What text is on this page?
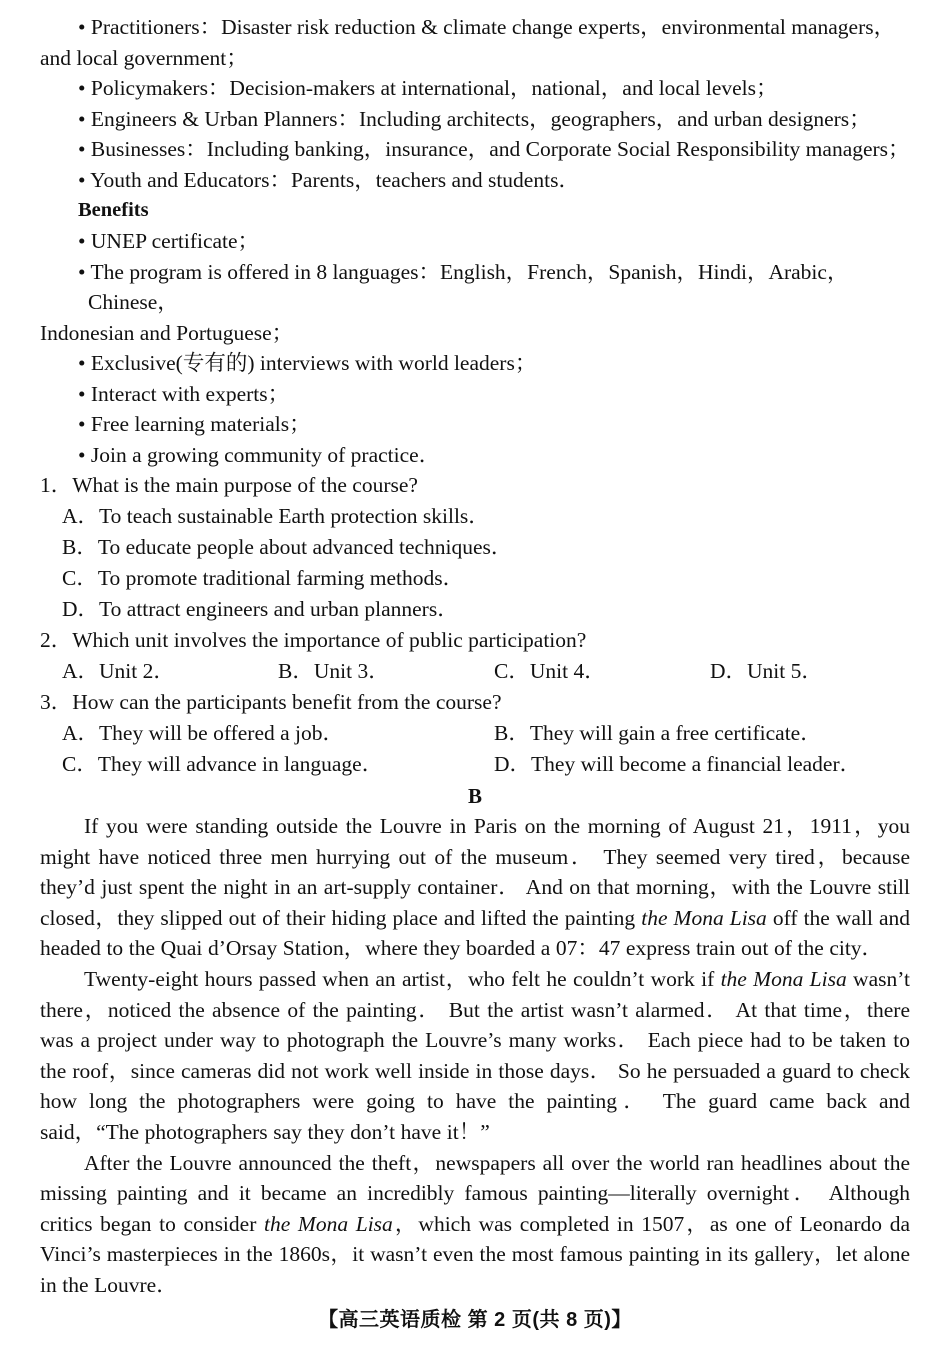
• Practitioners：Disaster risk reduction & climate change experts，environmental managers，
and local government；
• Policymakers：Decision-makers at international，national，and local levels；
• Engineers & Urban Planners：Including architects，geographers，and urban designers；
• Businesses：Including banking，insurance，and Corporate Social Responsibility managers；
• Youth and Educators：Parents，teachers and students．
Benefits
• UNEP certificate；
• The program is offered in 8 languages：English，French，Spanish，Hindi，Arabic，Chinese，
Indonesian and Portuguese；
• Exclusive(专有的) interviews with world leaders；
• Interact with experts；
• Free learning materials；
• Join a growing community of practice．
1．What is the main purpose of the course?
A．To teach sustainable Earth protection skills．
B．To educate people about advanced techniques．
C．To promote traditional farming methods．
D．To attract engineers and urban planners．
2．Which unit involves the importance of public participation?
A．Unit 2．	B．Unit 3．	C．Unit 4．	D．Unit 5．
3．How can the participants benefit from the course?
A．They will be offered a job．	B．They will gain a free certificate．
C．They will advance in language．	D．They will become a financial leader．
B

If you were standing outside the Louvre in Paris on the morning of August 21，1911，you might have noticed three men hurrying out of the museum． They seemed very tired，because they’d just spent the night in an art-supply container． And on that morning，with the Louvre still closed，they slipped out of their hiding place and lifted the painting the Mona Lisa off the wall and headed to the Quai d’Orsay Station，where they boarded a 07：47 express train out of the city．

Twenty-eight hours passed when an artist，who felt he couldn’t work if the Mona Lisa wasn’t there，noticed the absence of the painting． But the artist wasn’t alarmed． At that time，there was a project under way to photograph the Louvre’s many works． Each piece had to be taken to the roof，since cameras did not work well inside in those days． So he persuaded a guard to check how long the photographers were going to have the painting． The guard came back and said，“The photographers say they don’t have it！”

After the Louvre announced the theft，newspapers all over the world ran headlines about the missing painting and it became an incredibly famous painting—literally overnight． Although critics began to consider the Mona Lisa，which was completed in 1507，as one of Leonardo da Vinci’s masterpieces in the 1860s，it wasn’t even the most famous painting in its gallery，let alone in the Louvre．

【高三英语质检 第 2 页(共 8 页)】
